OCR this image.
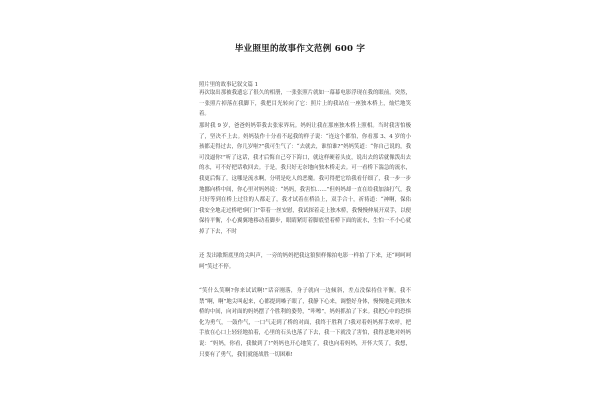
毕业照里的故事作文范例 600 字
照片里的故事记叙文篇 1

再次取出那被我遗忘了很久的相册，一张张照片就如一幕幕电影浮现在我的眼前。突然，一张照片掉落在我脚下，我把目光转向了它：照片上的我站在一座独木桥上，灿烂地笑着。

那时我 9 岁，爸爸妈妈带我去张家界玩。妈妈让我在那座独木桥上照相。当时我害怕极了，坚决不上去。妈妈装作十分看不起我的样子说：“连这个都怕，你看那 3、4 岁的小孩都走得过去，你几岁啦?”我可生气了：“去就去，谁怕谁?”妈妈笑道：“你自己说的，我可没逼你!”听了这话，我才后悔自己夸下海口，就这样硬着头皮，说出去的话就像泼出去的水，可不好把话收回去。于是，我只好无奈地向独木桥走去。可一看桥下湍急的流水，我更后悔了，这哪是流水啊，分明是吃人的恶魔。我可得把它给我看仔细了，我一步一步地挪向桥中间，你心里对妈妈说：“妈妈，我害怕……”但妈妈却一直在给我加油打气，我只好等到在桥上过往的人都走了，我才试着在桥沿上，双手合十，祈祷道：“神啊，保佑我安全地走过桥吧!阿门!”带着一丝安慰，我试探着走上独木桥，我慢慢伸展开双手，以便保持平衡，小心翼翼地移动着脚步，眼睛紧盯着脚底望着桥下面的流水，生怕一不小心就掉了下去，不时

还 发出歇斯底里的尖叫声，一旁的妈妈把我这狼狈样像拍电影一样拍了下来，还“呵呵呵呵”笑过不停。

“笑什么笑啊?你来试试啊!”话音刚落，身子就向一边倾斜，差点没保持住平衡，我不禁“啊，啊”地尖叫起来，心都提到嗓子眼了，我静下心来，调整好身体，慢慢地走到独木桥的中间，向对面的妈妈摆了个胜利的姿势，“咔嚓”，妈妈抓拍了下来。我把心中的恐惧化为勇气，一鼓作气，一口气走到了桥的对面，我终于胜利了!我对着妈妈挥手欢呼，把手放在心口上轻轻地拍着，心里的石头也落了下去，我一下就没了害怕，我得意地对妈妈说：“妈妈，你看，我做到了!”妈妈也开心地笑了，我也向着妈妈，开怀大笑了，我想，只要有了勇气，我们就能战胜一切困难!
